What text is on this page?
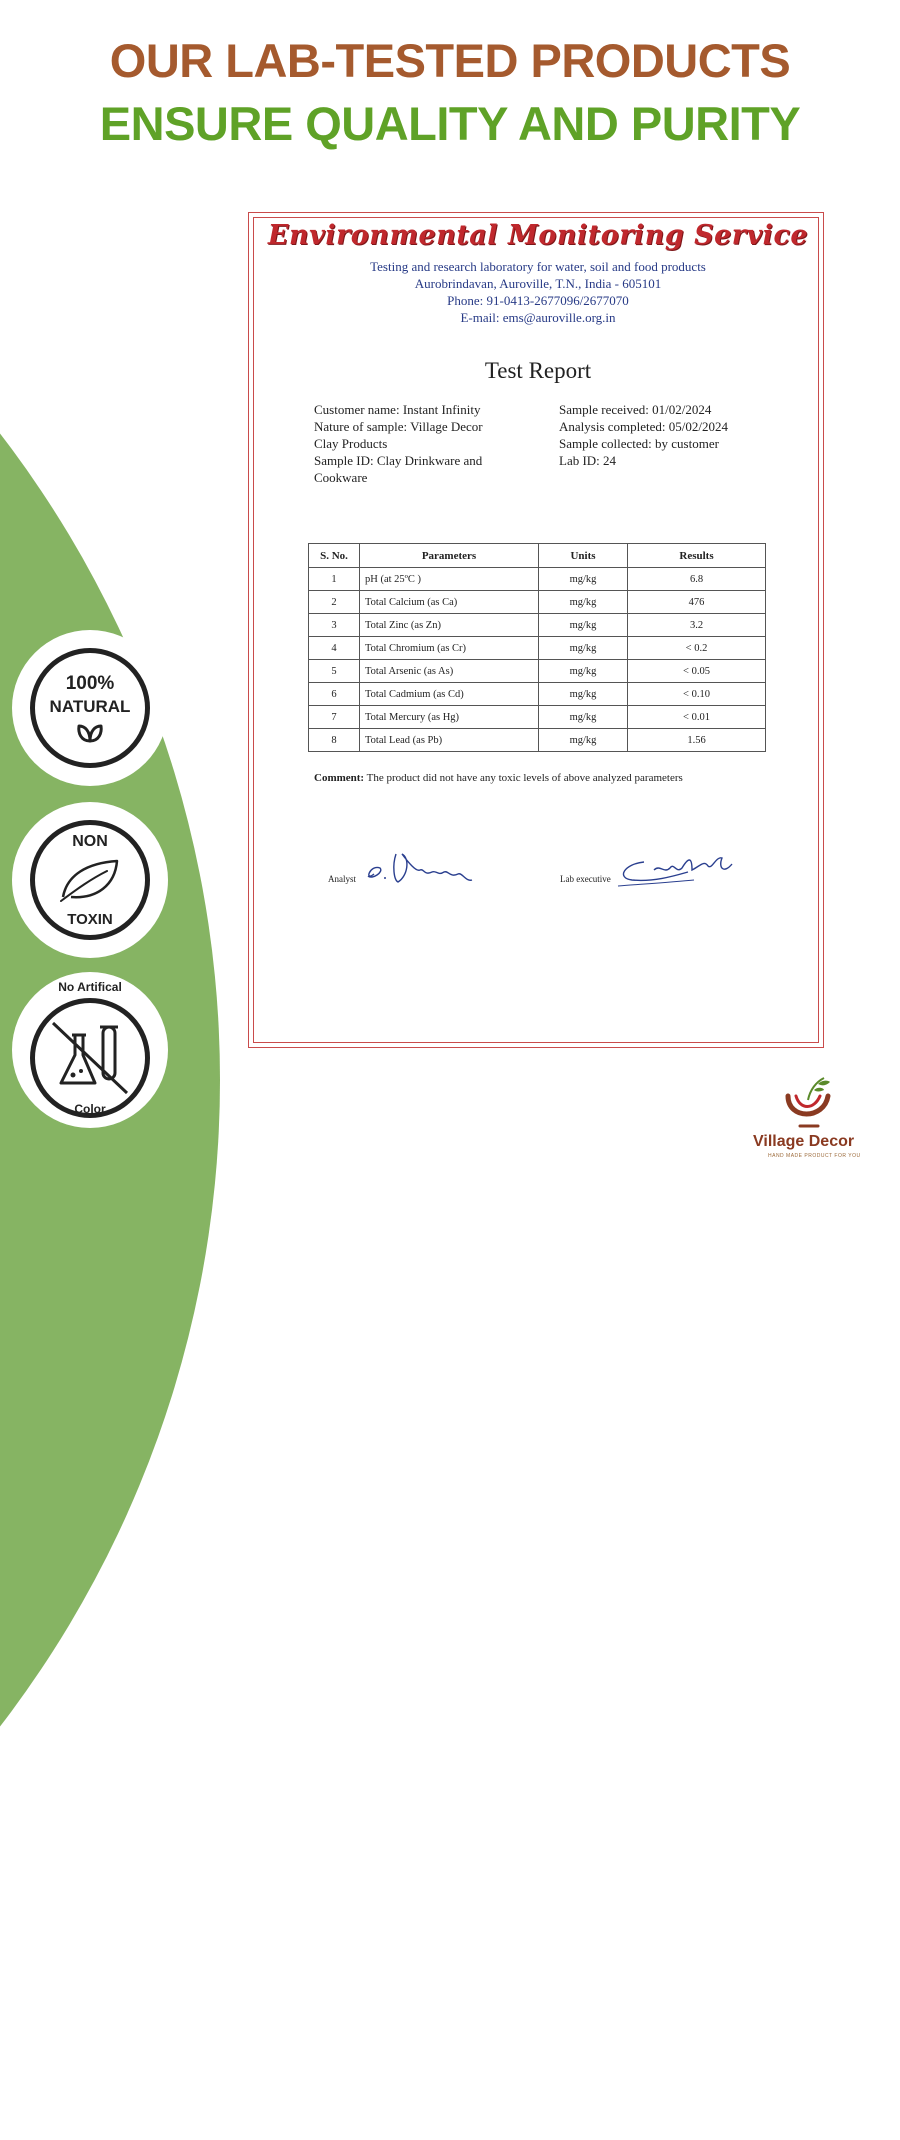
OUR LAB-TESTED PRODUCTS
ENSURE QUALITY AND PURITY
100%
NATURAL
NON
TOXIN
No Artifical
Color
Environmental Monitoring Service
Testing and research laboratory for water, soil and food products
Aurobrindavan, Auroville, T.N., India - 605101
Phone: 91-0413-2677096/2677070
E-mail: ems@auroville.org.in
Test Report
Customer name: Instant Infinity
Nature of sample: Village Decor
Clay Products
Sample ID: Clay Drinkware and
Cookware
Sample received: 01/02/2024
Analysis completed: 05/02/2024
Sample collected: by customer
Lab ID: 24
S. No.	Parameters	Units	Results
1	pH (at 25ºC )	mg/kg	6.8
2	Total Calcium (as Ca)	mg/kg	476
3	Total Zinc (as Zn)	mg/kg	3.2
4	Total Chromium (as Cr)	mg/kg	< 0.2
5	Total Arsenic (as As)	mg/kg	< 0.05
6	Total Cadmium (as Cd)	mg/kg	< 0.10
7	Total Mercury (as Hg)	mg/kg	< 0.01
8	Total Lead (as Pb)	mg/kg	1.56
Comment: The product did not have any toxic levels of above analyzed parameters
Analyst	Lab executive
Village Decor
HAND MADE PRODUCT FOR YOU
